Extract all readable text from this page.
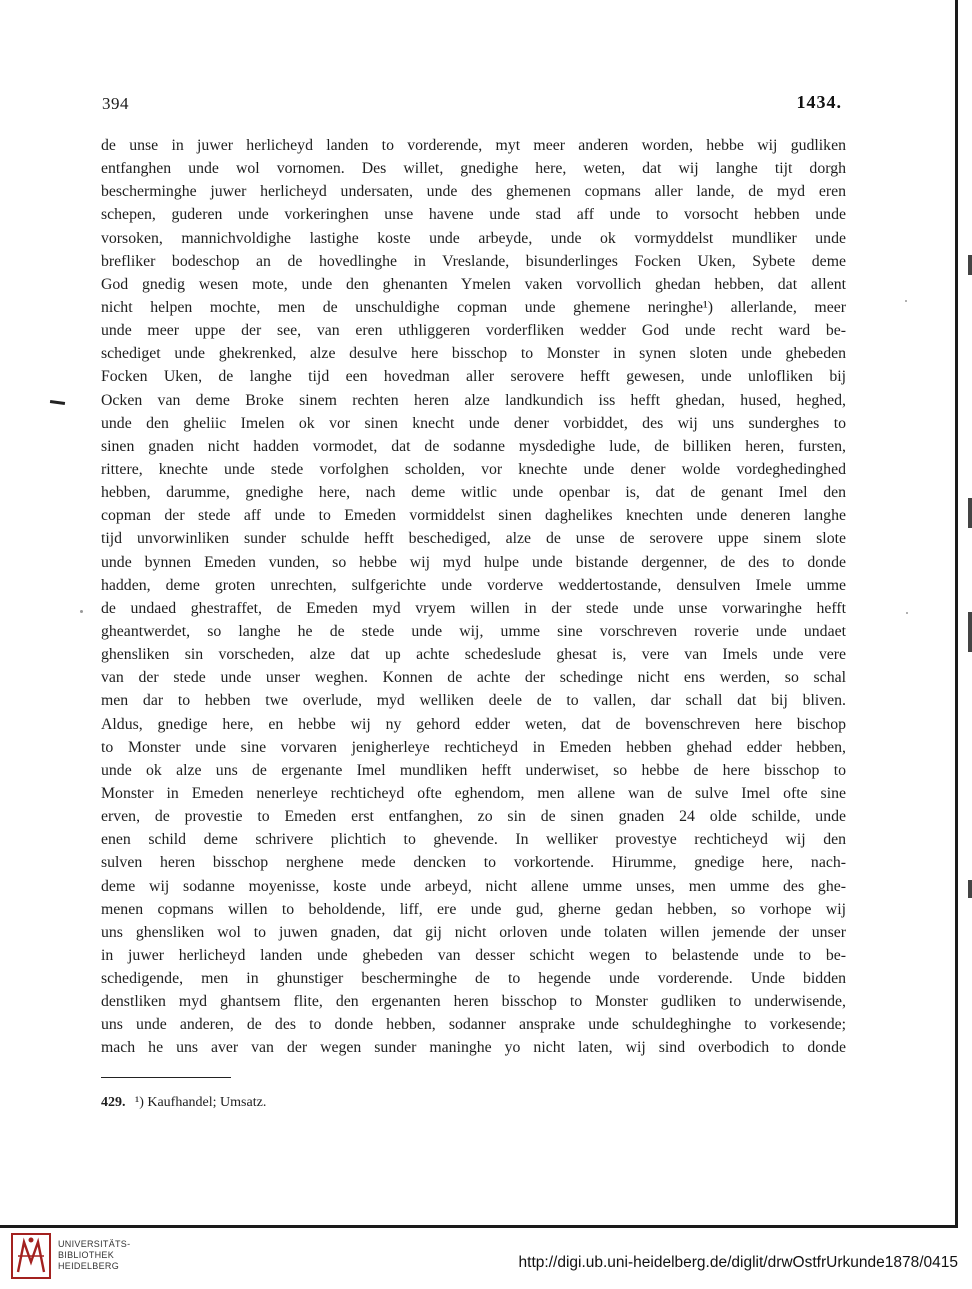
394	1434.
de unse in juwer herlicheyd landen to vorderende, myt meer anderen worden, hebbe wij gudliken
entfanghen unde wol vornomen. Des willet, gnedighe here, weten, dat wij langhe tijt dorgh
bescherminghe juwer herlicheyd undersaten, unde des ghemenen copmans aller lande, de myd eren
schepen, guderen unde vorkeringhen unse havene unde stad aff unde to vorsocht hebben unde
vorsoken, mannichvoldighe lastighe koste unde arbeyde, unde ok vormyddelst mundliker unde
brefliker bodeschop an de hovedlinghe in Vreslande, bisunderlinges Focken Uken, Sybete deme
God gnedig wesen mote, unde den ghenanten Ymelen vaken vorvollich ghedan hebben, dat allent
nicht helpen mochte, men de unschuldighe copman unde ghemene neringhe¹) allerlande, meer
unde meer uppe der see, van eren uthliggeren vorderfliken wedder God unde recht ward be-
schediget unde ghekrenked, alze desulve here bisschop to Monster in synen sloten unde ghebeden
Focken Uken, de langhe tijd een hovedman aller serovere hefft gewesen, unde unlofliken bij
Ocken van deme Broke sinem rechten heren alze landkundich iss hefft ghedan, hused, heghed,
unde den gheliic Imelen ok vor sinen knecht unde dener vorbiddet, des wij uns sunderghes to
sinen gnaden nicht hadden vormodet, dat de sodanne mysdedighe lude, de billiken heren, fursten,
rittere, knechte unde stede vorfolghen scholden, vor knechte unde dener wolde vordeghedinghed
hebben, darumme, gnedighe here, nach deme witlic unde openbar is, dat de genant Imel den
copman der stede aff unde to Emeden vormiddelst sinen daghelikes knechten unde deneren langhe
tijd unvorwinliken sunder schulde hefft beschediged, alze de unse de serovere uppe sinem slote
unde bynnen Emeden vunden, so hebbe wij myd hulpe unde bistande dergenner, de des to donde
hadden, deme groten unrechten, sulfgerichte unde vorderve weddertostande, densulven Imele umme
de undaed ghestraffet, de Emeden myd vryem willen in der stede unde unse vorwaringhe hefft
gheantwerdet, so langhe he de stede unde wij, umme sine vorschreven roverie unde undaet
ghensliken sin vorscheden, alze dat up achte schedeslude ghesat is, vere van Imels unde vere
van der stede unde unser weghen. Konnen de achte der schedinge nicht ens werden, so schal
men dar to hebben twe overlude, myd welliken deele de to vallen, dar schall dat bij bliven.
Aldus, gnedige here, en hebbe wij ny gehord edder weten, dat de bovenschreven here bischop
to Monster unde sine vorvaren jenigherleye rechticheyd in Emeden hebben ghehad edder hebben,
unde ok alze uns de ergenante Imel mundliken hefft underwiset, so hebbe de here bisschop to
Monster in Emeden nenerleye rechticheyd ofte eghendom, men allene wan de sulve Imel ofte sine
erven, de provestie to Emeden erst entfanghen, zo sin de sinen gnaden 24 olde schilde, unde
enen schild deme schrivere plichtich to ghevende. In welliker provestye rechticheyd wij den
sulven heren bisschop nerghene mede dencken to vorkortende. Hirumme, gnedige here, nach-
deme wij sodanne moyenisse, koste unde arbeyd, nicht allene umme unses, men umme des ghe-
menen copmans willen to beholdende, liff, ere unde gud, gherne gedan hebben, so vorhope wij
uns ghensliken wol to juwen gnaden, dat gij nicht orloven unde tolaten willen jemende der unser
in juwer herlicheyd landen unde ghebeden van desser schicht wegen to belastende unde to be-
schedigende, men in ghunstiger bescherminghe de to hegende unde vorderende. Unde bidden
denstliken myd ghantsem flite, den ergenanten heren bisschop to Monster gudliken to underwisende,
uns unde anderen, de des to donde hebben, sodanner ansprake unde schuldeghinghe to vorkesende;
mach he uns aver van der wegen sunder maninghe yo nicht laten, wij sind overbodich to donde
429. ¹) Kaufhandel; Umsatz.
UNIVERSITÄTS-
BIBLIOTHEK
HEIDELBERG	http://digi.ub.uni-heidelberg.de/diglit/drwOstfrUrkunde1878/0415
